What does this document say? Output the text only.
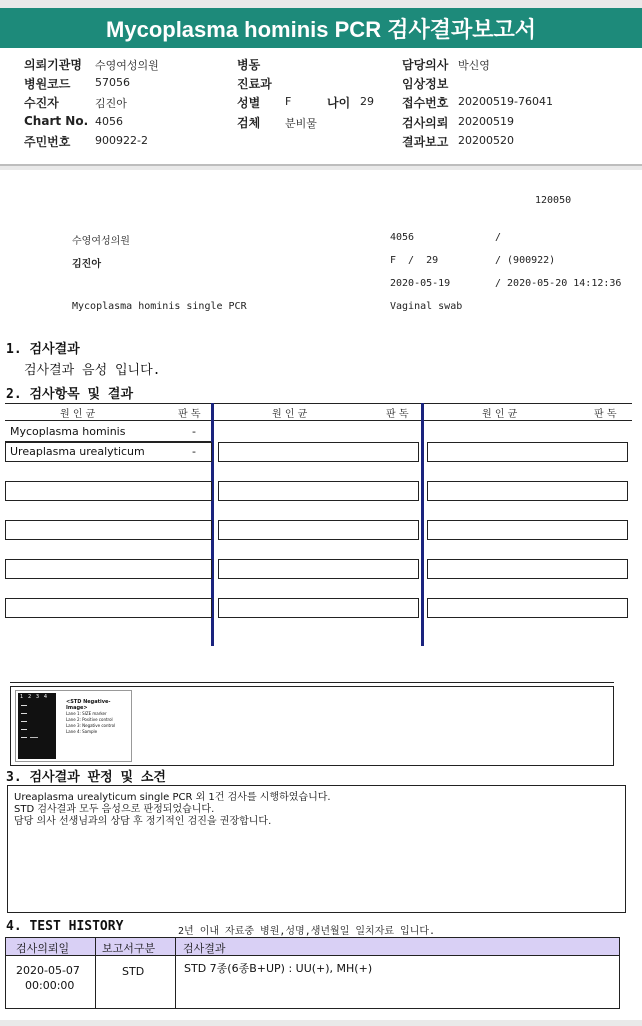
Mycoplasma hominis PCR 검사결과보고서
의뢰기관명 수영여성의원	병동	담당의사 박신영
병원코드 57056	진료과	임상정보
수진자	김진아	성별 F	나이 29 접수번호 20200519-76041
Chart No. 4056	검체 분비물	검사의뢰 20200519
주민번호 900922-2	결과보고 20200520
120050
수영여성의원	4056	/
김진아	F  /  29	/ (900922)
2020-05-19	/ 2020-05-20 14:12:36
Mycoplasma hominis single PCR	Vaginal swab
1. 검사결과
검사결과 음성 입니다.
2. 검사항목 및 결과
원 인 균	판 독	원 인 균	판 독	원 인 균	판 독
Mycoplasma hominis	-
Ureaplasma urealyticum	-
1   2   3   4
<STD Negative-Image>
Lane 1: SIZE marker
Lane 2: Positive control
Lane 3: Negative control
Lane 4: Sample
3. 검사결과 판정 및 소견
Ureaplasma urealyticum single PCR 외 1건 검사를 시행하였습니다.
STD 검사결과 모두 음성으로 판정되었습니다.
담당 의사 선생님과의 상담 후 정기적인 검진을 권장합니다.
4. TEST HISTORY	2년 이내 자료중 병원,성명,생년월일 일치자료 입니다.
검사의뢰일	보고서구분	검사결과
2020-05-07
00:00:00
STD	STD 7종(6종B+UP) : UU(+), MH(+)
